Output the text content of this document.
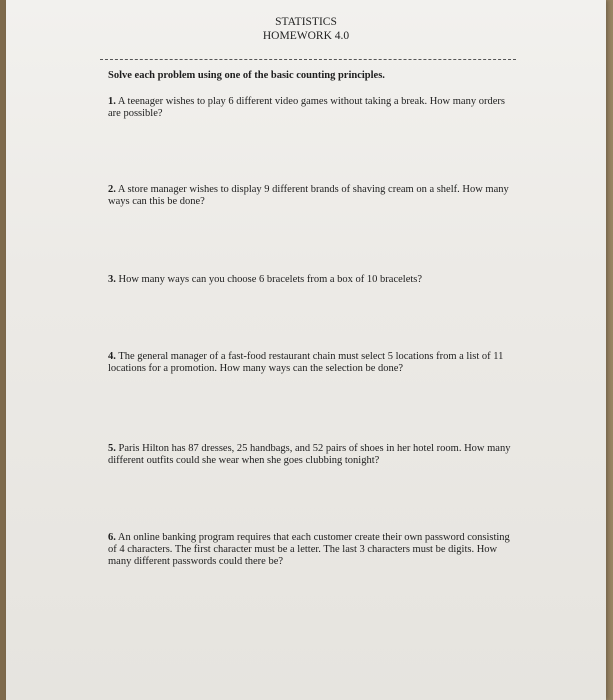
STATISTICS
HOMEWORK 4.0
Solve each problem using one of the basic counting principles.
1. A teenager wishes to play 6 different video games without taking a break. How many orders are possible?
2. A store manager wishes to display 9 different brands of shaving cream on a shelf. How many ways can this be done?
3. How many ways can you choose 6 bracelets from a box of 10 bracelets?
4. The general manager of a fast-food restaurant chain must select 5 locations from a list of 11 locations for a promotion. How many ways can the selection be done?
5. Paris Hilton has 87 dresses, 25 handbags, and 52 pairs of shoes in her hotel room. How many different outfits could she wear when she goes clubbing tonight?
6. An online banking program requires that each customer create their own password consisting of 4 characters. The first character must be a letter. The last 3 characters must be digits. How many different passwords could there be?
